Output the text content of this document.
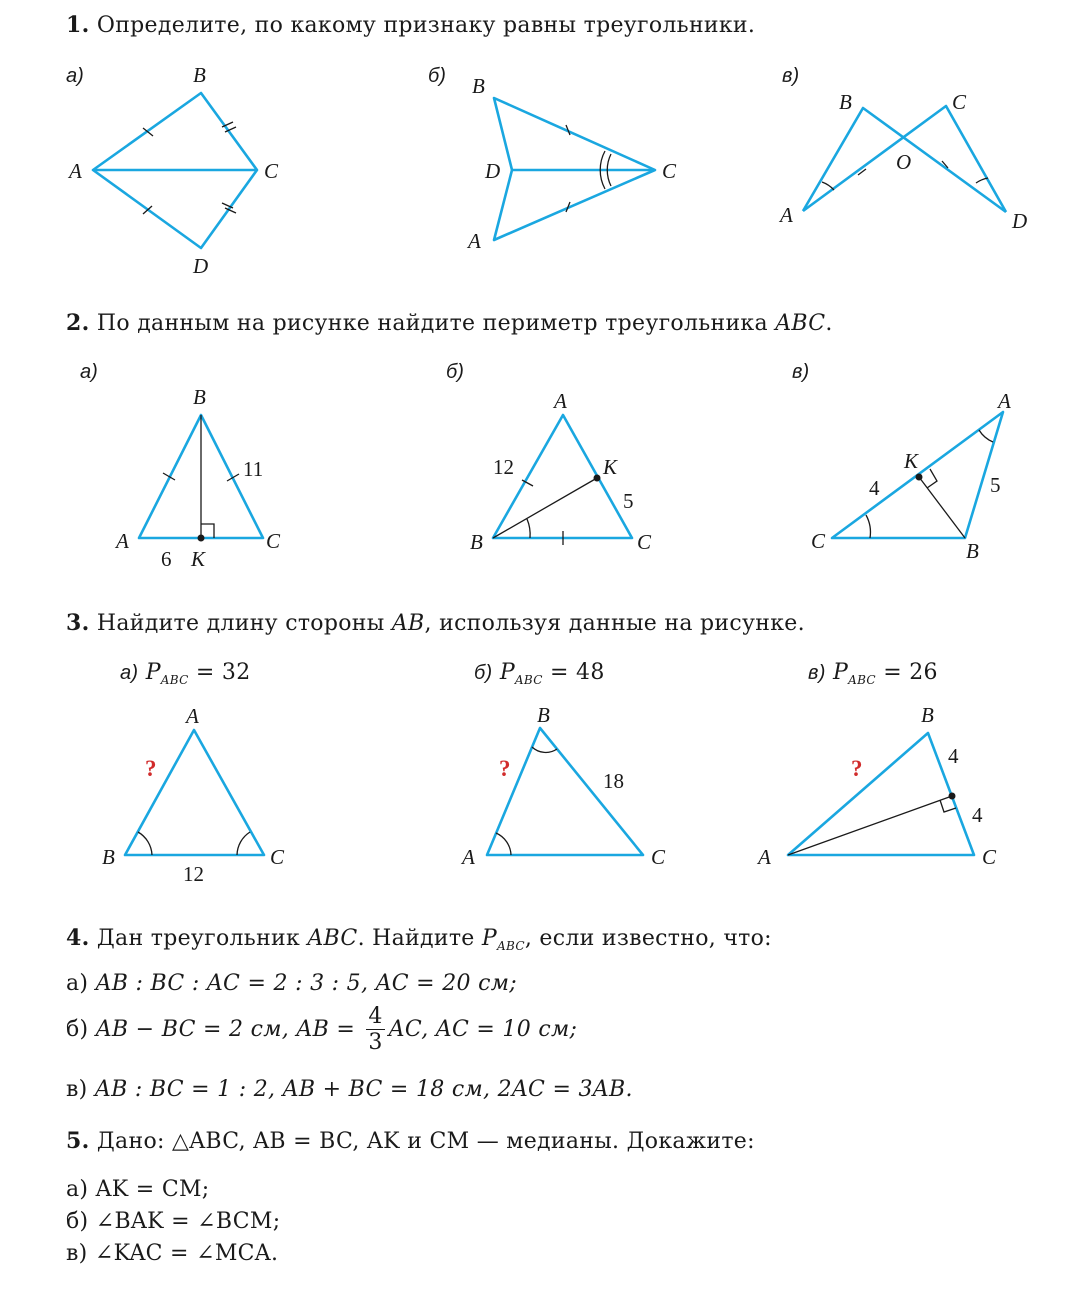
1. Определите, по какому признаку равны треугольники.
а)	B
A	C
D
б) B
D	C
A
в)
B	C
O
A	D
а)
B
A	C
K
6
11
б)
A
B	C
K
12
5
в)
A
K
C	B
4	5
A
B	C
?
12
B
A	C
?	18
B
A	C
?	4
4
2. По данным на рисунке найдите периметр треугольника ABC.
3. Найдите длину стороны AB, используя данные на рисунке.
а) $P_{ABC} = 32$	б) $P_{ABC} = 48$	в) $P_{ABC} = 26$
4. Дан треугольник ABC. Найдите $P_{ABC}$, если известно, что:
а) AB : BC : AC = 2 : 3 : 5, AC = 20 см;
б) AB − BC = 2 см, AB = $\frac{4}{3}$ AC, AC = 10 см;
в) AB : BC = 1 : 2, AB + BC = 18 см, 2AC = 3AB.
5. Дано: △ABC, AB = BC, AK и CM — медианы. Докажите:
а) AK = CM;
б) ∠BAK = ∠BCM;
в) ∠KAC = ∠MCA.
